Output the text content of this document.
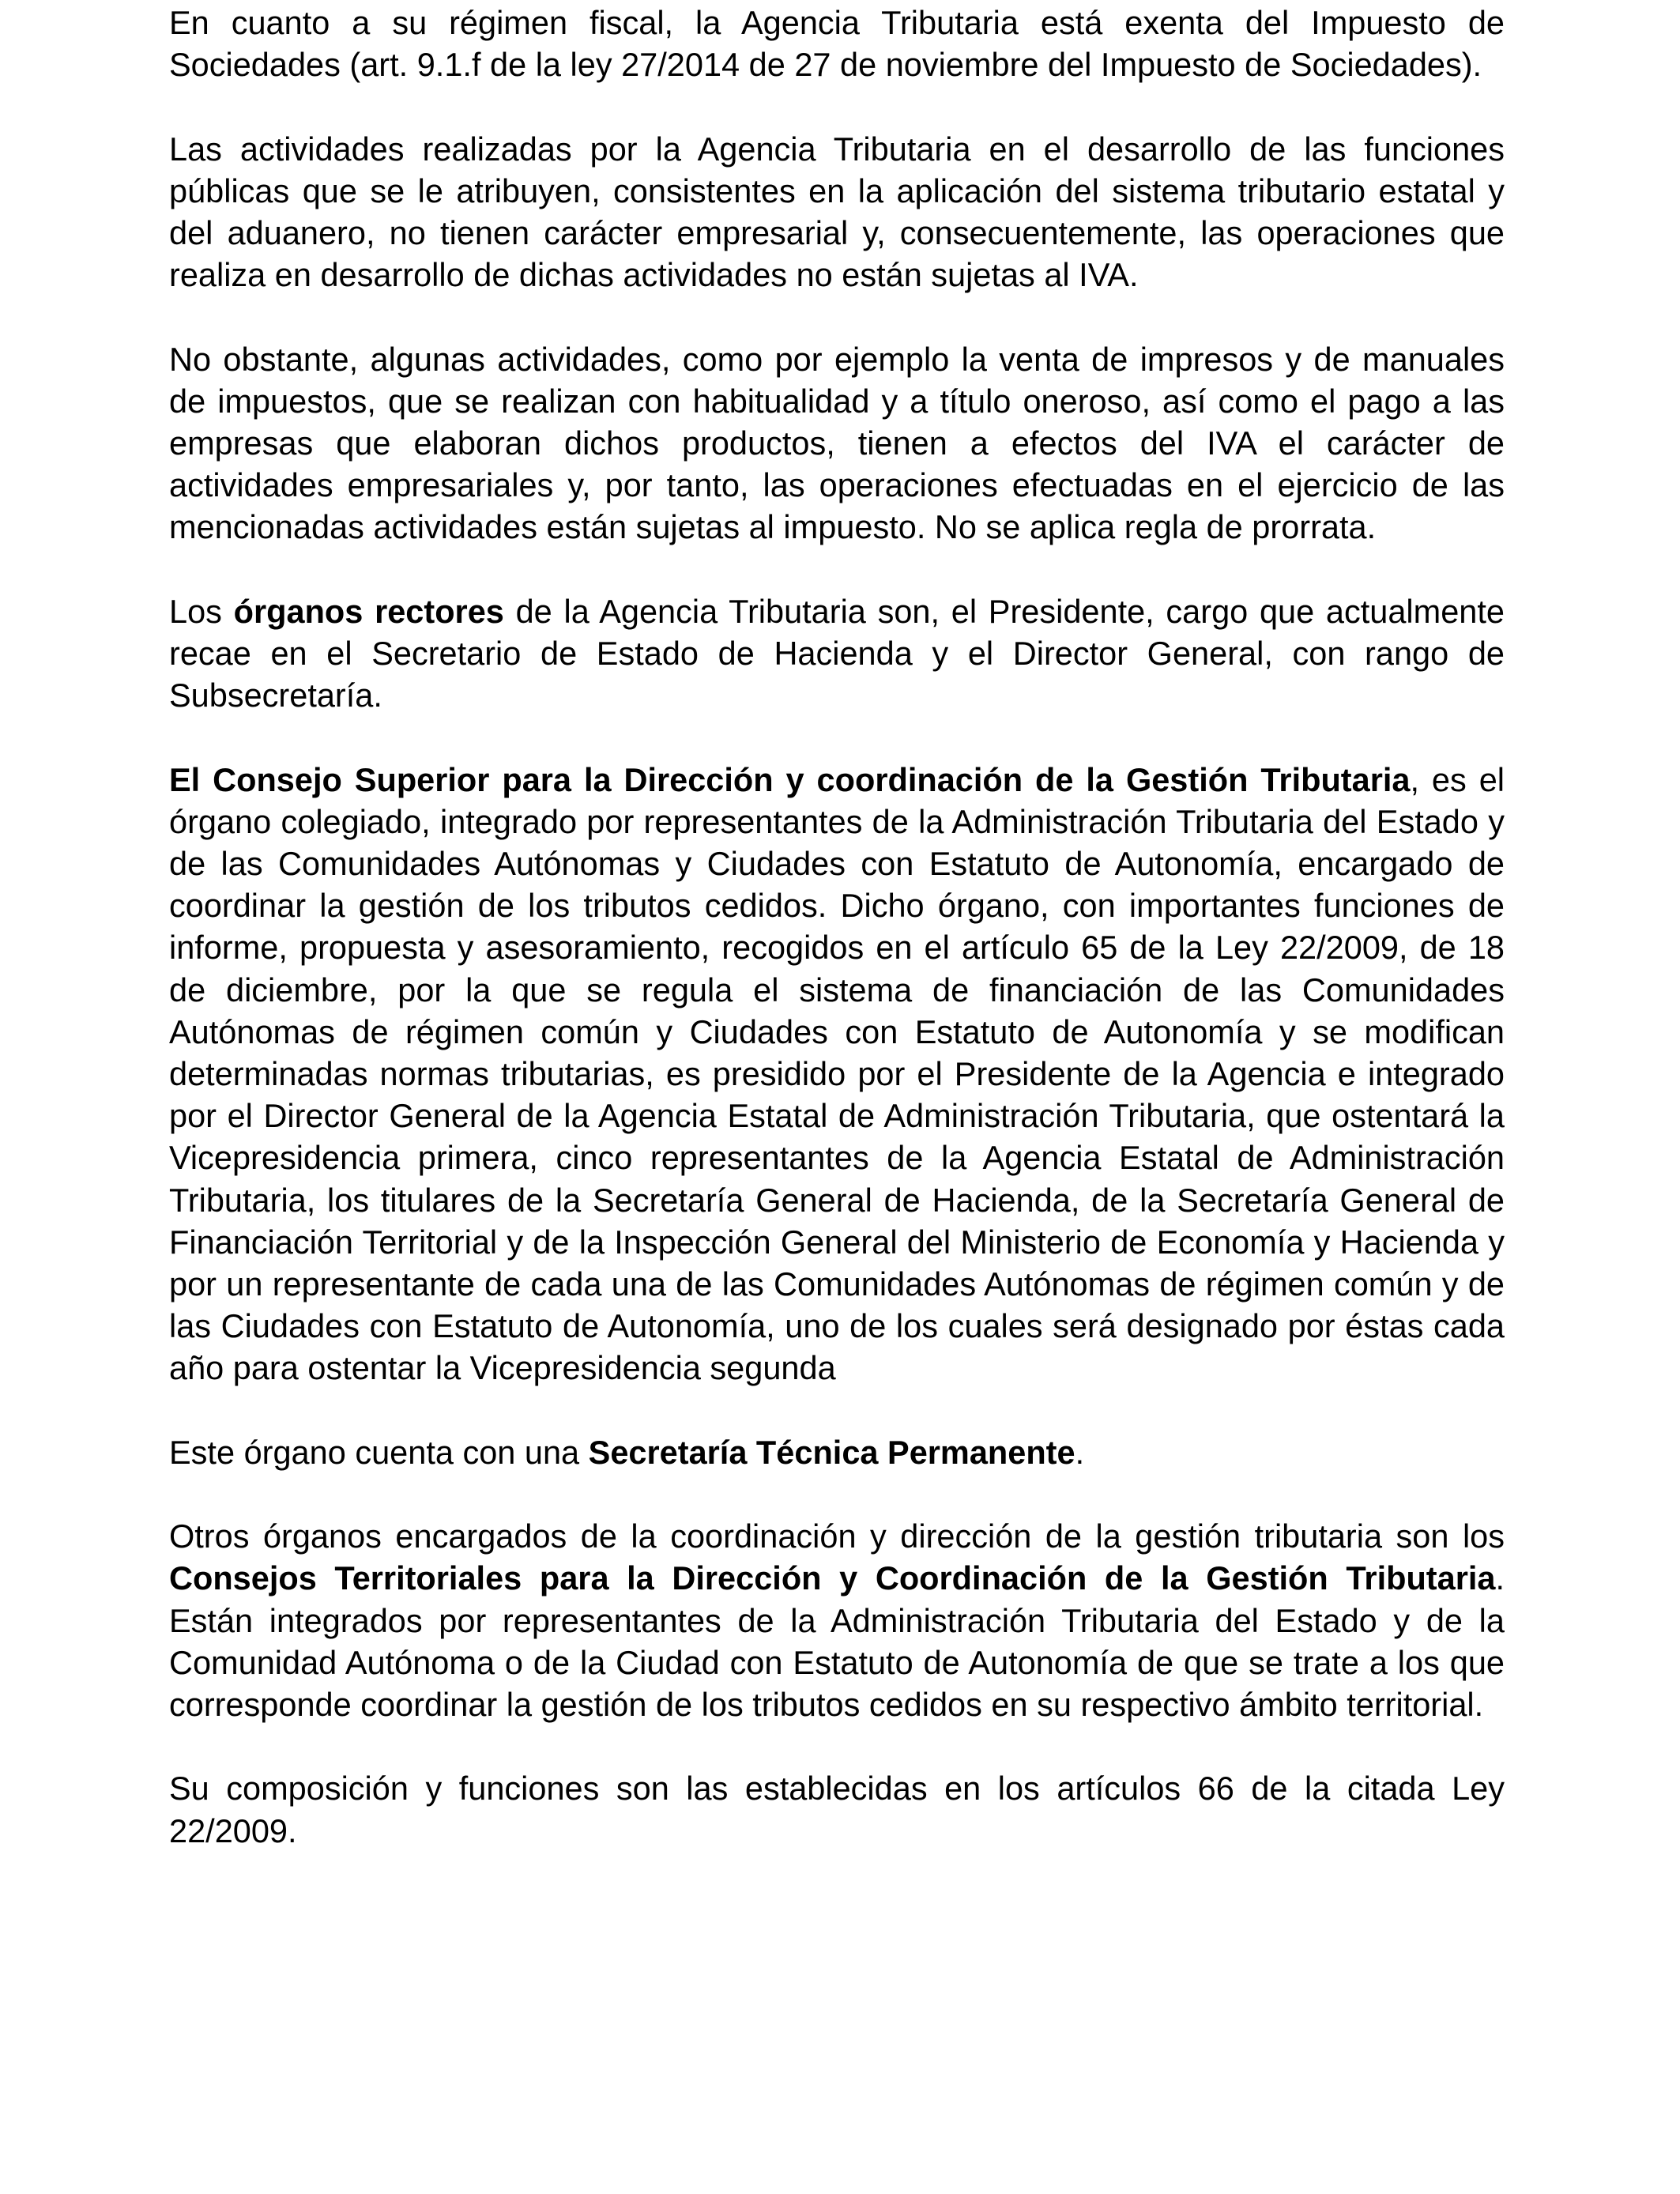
En cuanto a su régimen fiscal, la Agencia Tributaria está exenta del Impuesto de Sociedades (art. 9.1.f de la ley 27/2014 de 27 de noviembre del Impuesto de Sociedades).

Las actividades realizadas por la Agencia Tributaria en el desarrollo de las funciones públicas que se le atribuyen, consistentes en la aplicación del sistema tributario estatal y del aduanero, no tienen carácter empresarial y, consecuentemente, las operaciones que realiza en desarrollo de dichas actividades no están sujetas al IVA.

No obstante, algunas actividades, como por ejemplo la venta de impresos y de manuales de impuestos, que se realizan con habitualidad y a título oneroso, así como el pago a las empresas que elaboran dichos productos, tienen a efectos del IVA el carácter de actividades empresariales y, por tanto, las operaciones efectuadas en el ejercicio de las mencionadas actividades están sujetas al impuesto. No se aplica regla de prorrata.

Los órganos rectores de la Agencia Tributaria son, el Presidente, cargo que actualmente recae en el Secretario de Estado de Hacienda y el Director General, con rango de Subsecretaría.

El Consejo Superior para la Dirección y coordinación de la Gestión Tributaria, es el órgano colegiado, integrado por representantes de la Administración Tributaria del Estado y de las Comunidades Autónomas y Ciudades con Estatuto de Autonomía, encargado de coordinar la gestión de los tributos cedidos. Dicho órgano, con importantes funciones de informe, propuesta y asesoramiento, recogidos en el artículo 65 de la Ley 22/2009, de 18 de diciembre, por la que se regula el sistema de financiación de las Comunidades Autónomas de régimen común y Ciudades con Estatuto de Autonomía y se modifican determinadas normas tributarias, es presidido por el Presidente de la Agencia e integrado por el Director General de la Agencia Estatal de Administración Tributaria, que ostentará la Vicepresidencia primera, cinco representantes de la Agencia Estatal de Administración Tributaria, los titulares de la Secretaría General de Hacienda, de la Secretaría General de Financiación Territorial y de la Inspección General del Ministerio de Economía y Hacienda y por un representante de cada una de las Comunidades Autónomas de régimen común y de las Ciudades con Estatuto de Autonomía, uno de los cuales será designado por éstas cada año para ostentar la Vicepresidencia segunda

Este órgano cuenta con una Secretaría Técnica Permanente.

Otros órganos encargados de la coordinación y dirección de la gestión tributaria son los Consejos Territoriales para la Dirección y Coordinación de la Gestión Tributaria. Están integrados por representantes de la Administración Tributaria del Estado y de la Comunidad Autónoma o de la Ciudad con Estatuto de Autonomía de que se trate a los que corresponde coordinar la gestión de los tributos cedidos en su respectivo ámbito territorial.

Su composición y funciones son las establecidas en los artículos 66 de la citada Ley 22/2009.
